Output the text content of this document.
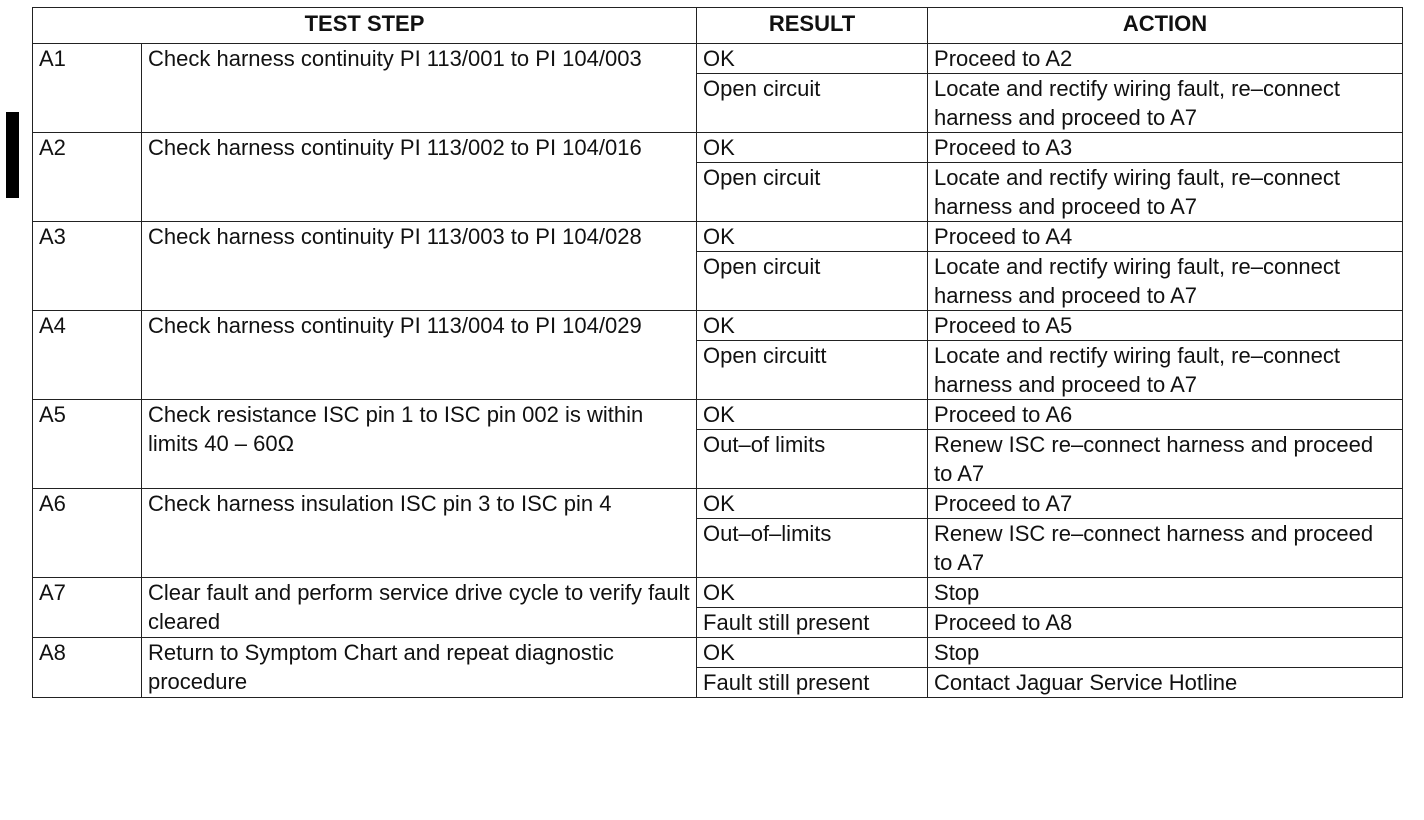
TEST STEP		RESULT	ACTION
A1	Check harness continuity PI 113/001 to PI 104/003	OK	Proceed to A2
		Open circuit	Locate and rectify wiring fault, re–connect harness and proceed to A7
A2	Check harness continuity PI 113/002 to PI 104/016	OK	Proceed to A3
		Open circuit	Locate and rectify wiring fault, re–connect harness and proceed to A7
A3	Check harness continuity PI 113/003 to PI 104/028	OK	Proceed to A4
		Open circuit	Locate and rectify wiring fault, re–connect harness and proceed to A7
A4	Check harness continuity PI 113/004 to PI 104/029	OK	Proceed to A5
		Open circuitt	Locate and rectify wiring fault, re–connect harness and proceed to A7
A5	Check resistance ISC pin 1 to ISC pin 002 is within limits 40 – 60Ω	OK	Proceed to A6
		Out–of limits	Renew ISC re–connect harness and proceed to A7
A6	Check harness insulation ISC pin 3 to ISC pin 4	OK	Proceed to A7
		Out–of–limits	Renew ISC re–connect harness and proceed to A7
A7	Clear fault and perform service drive cycle to verify fault cleared	OK	Stop
		Fault still present	Proceed to A8
A8	Return to Symptom Chart and repeat diagnostic procedure	OK	Stop
		Fault still present	Contact Jaguar Service Hotline
